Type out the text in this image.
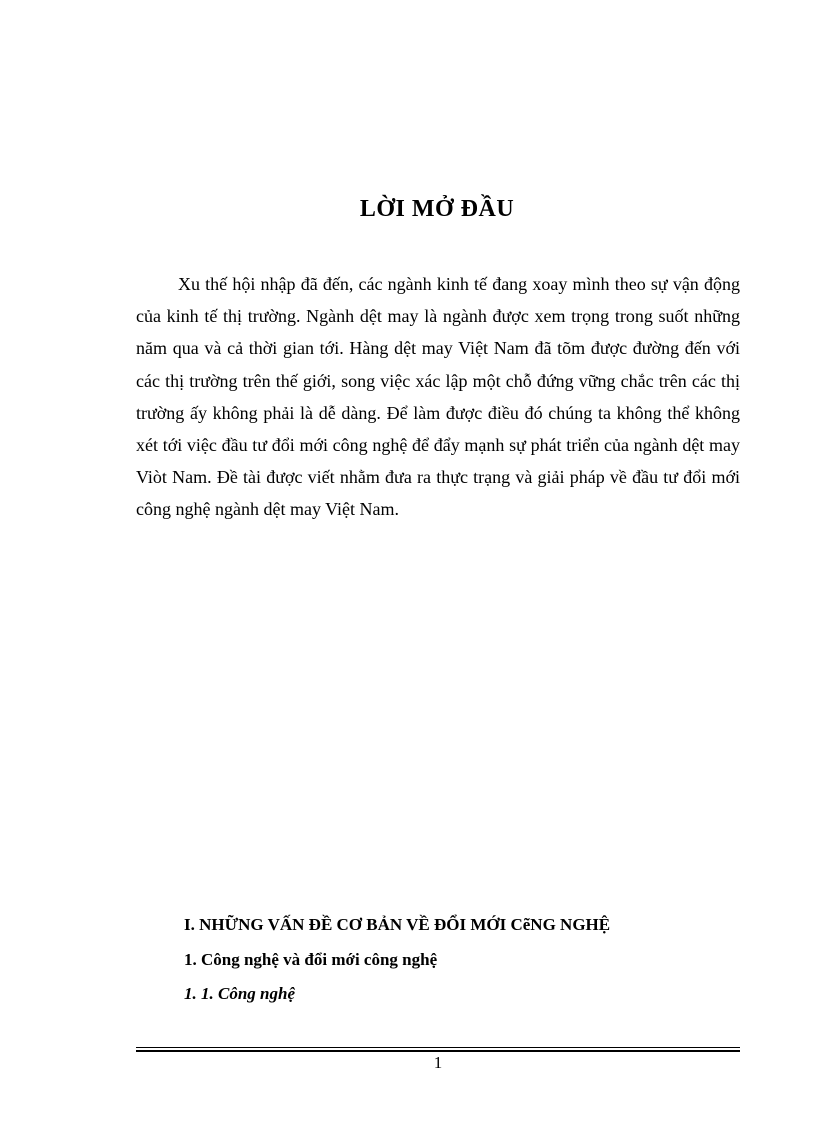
LỜI MỞ ĐẦU

Xu thế hội nhập đã đến, các ngành kinh tế đang xoay mình theo sự vận động của kinh tế thị trường. Ngành dệt may là ngành được xem trọng trong suốt những năm qua và cả thời gian tới. Hàng dệt may Việt Nam đã tõm được đường đến với các thị trường trên thế giới, song việc xác lập một chỗ đứng vững chắc trên các thị trường ấy không phải là dễ dàng. Để làm được điều đó chúng ta không thể không xét tới việc đầu tư đổi mới công nghệ để đẩy mạnh sự phát triển của ngành dệt may Viòt Nam. Đề tài được viết nhằm đưa ra thực trạng và giải pháp về đầu tư đổi mới công nghệ ngành dệt may Việt Nam.

I. NHỮNG VẤN ĐỀ CƠ BẢN VỀ ĐỔI MỚI CẽNG NGHỆ
1. Công nghệ và đổi mới công nghệ
1. 1. Công nghệ
1
